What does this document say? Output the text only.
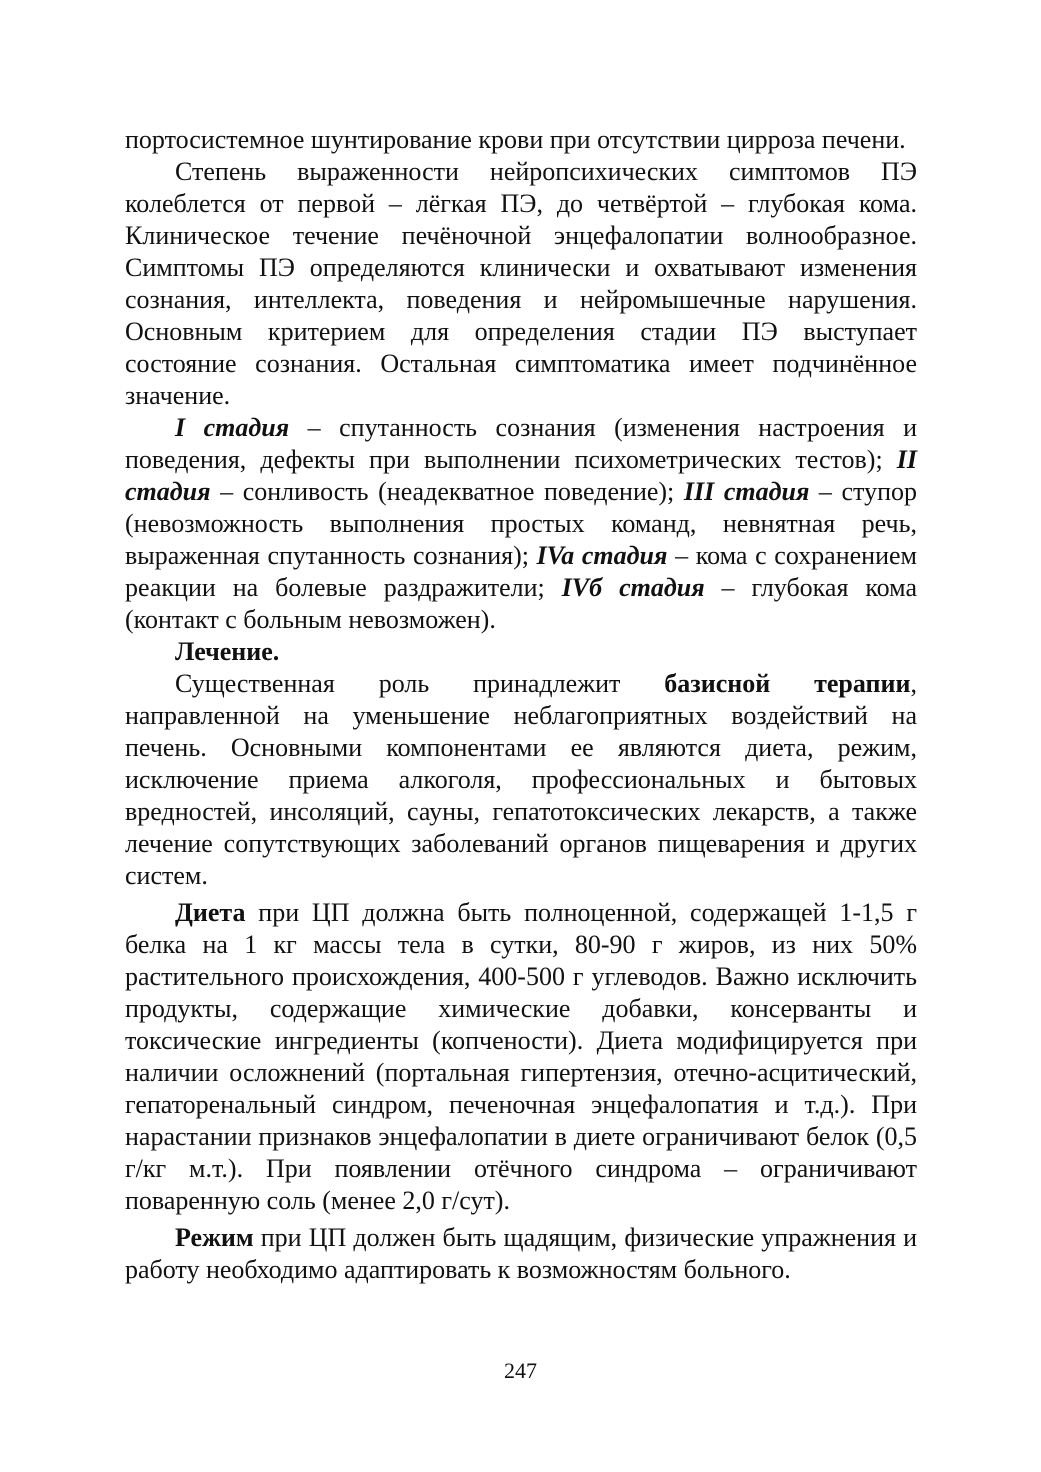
портосистемное шунтирование крови при отсутствии цирроза печени.

Степень выраженности нейропсихических симптомов ПЭ колеблется от первой – лёгкая ПЭ, до четвёртой – глубокая кома. Клиническое течение печёночной энцефалопатии волнообразное. Симптомы ПЭ определяются клинически и охватывают изменения сознания, интеллекта, поведения и нейромышечные нарушения. Основным критерием для определения стадии ПЭ выступает состояние сознания. Остальная симптоматика имеет подчинённое значение.

I стадия – спутанность сознания (изменения настроения и поведения, дефекты при выполнении психометрических тестов); II стадия – сонливость (неадекватное поведение); III стадия – ступор (невозможность выполнения простых команд, невнятная речь, выраженная спутанность сознания); IVa стадия – кома с сохранением реакции на болевые раздражители; IVб стадия – глубокая кома (контакт с больным невозможен).

Лечение.

Существенная роль принадлежит базисной терапии, направленной на уменьшение неблагоприятных воздействий на печень. Основными компонентами ее являются диета, режим, исключение приема алкоголя, профессиональных и бытовых вредностей, инсоляций, сауны, гепатотоксических лекарств, а также лечение сопутствующих заболеваний органов пищеварения и других систем.

Диета при ЦП должна быть полноценной, содержащей 1-1,5 г белка на 1 кг массы тела в сутки, 80-90 г жиров, из них 50% растительного происхождения, 400-500 г углеводов. Важно исключить продукты, содержащие химические добавки, консерванты и токсические ингредиенты (копчености). Диета модифицируется при наличии осложнений (портальная гипертензия, отечно-асцитический, гепаторенальный синдром, печеночная энцефалопатия и т.д.). При нарастании признаков энцефалопатии в диете ограничивают белок (0,5 г/кг м.т.). При появлении отёчного синдрома – ограничивают поваренную соль (менее 2,0 г/сут).

Режим при ЦП должен быть щадящим, физические упражнения и работу необходимо адаптировать к возможностям больного.

247
